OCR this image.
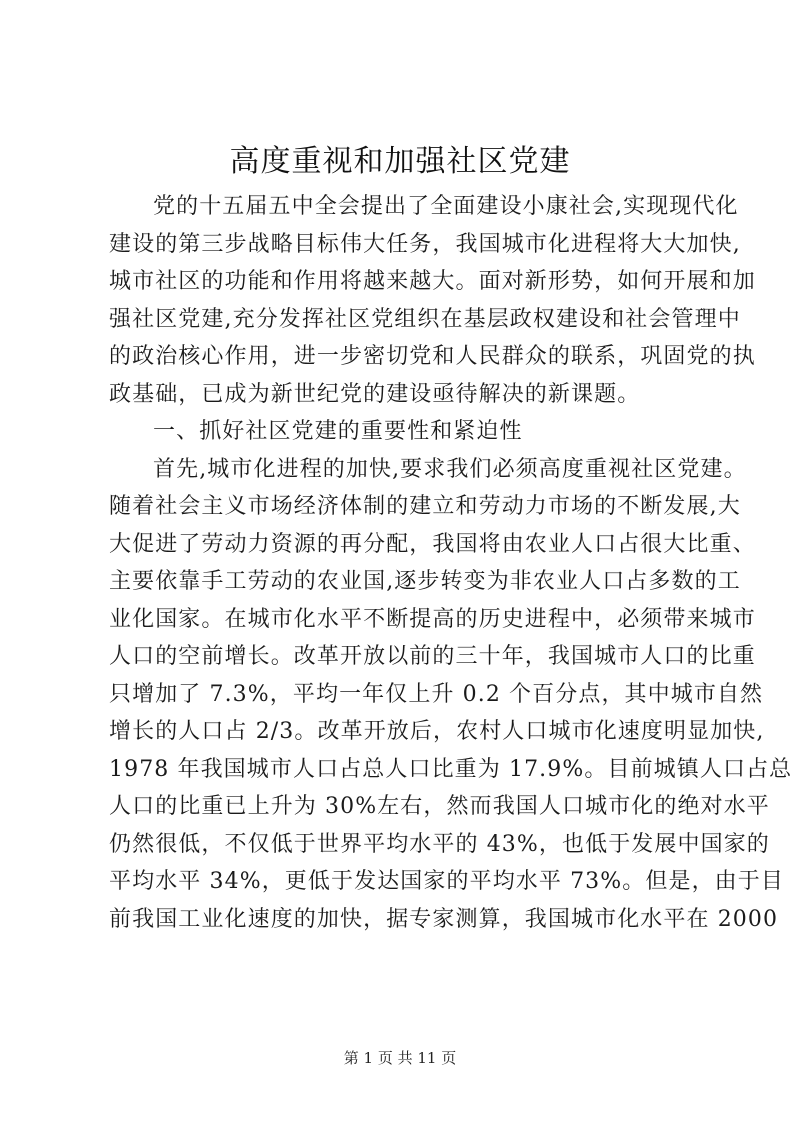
高度重视和加强社区党建
党的十五届五中全会提出了全面建设小康社会,实现现代化
建设的第三步战略目标伟大任务，我国城市化进程将大大加快,
城市社区的功能和作用将越来越大。面对新形势，如何开展和加
强社区党建,充分发挥社区党组织在基层政权建设和社会管理中
的政治核心作用，进一步密切党和人民群众的联系，巩固党的执
政基础，已成为新世纪党的建设亟待解决的新课题。
一、抓好社区党建的重要性和紧迫性
首先,城市化进程的加快,要求我们必须高度重视社区党建。
随着社会主义市场经济体制的建立和劳动力市场的不断发展,大
大促进了劳动力资源的再分配，我国将由农业人口占很大比重、
主要依靠手工劳动的农业国,逐步转变为非农业人口占多数的工
业化国家。在城市化水平不断提高的历史进程中，必须带来城市
人口的空前增长。改革开放以前的三十年，我国城市人口的比重
只增加了 7.3%，平均一年仅上升 0.2 个百分点，其中城市自然
增长的人口占 2/3。改革开放后，农村人口城市化速度明显加快,
1978 年我国城市人口占总人口比重为 17.9%。目前城镇人口占总
人口的比重已上升为 30%左右，然而我国人口城市化的绝对水平
仍然很低，不仅低于世界平均水平的 43%，也低于发展中国家的
平均水平 34%，更低于发达国家的平均水平 73%。但是，由于目
前我国工业化速度的加快，据专家测算，我国城市化水平在 2000
第 1 页 共 11 页
